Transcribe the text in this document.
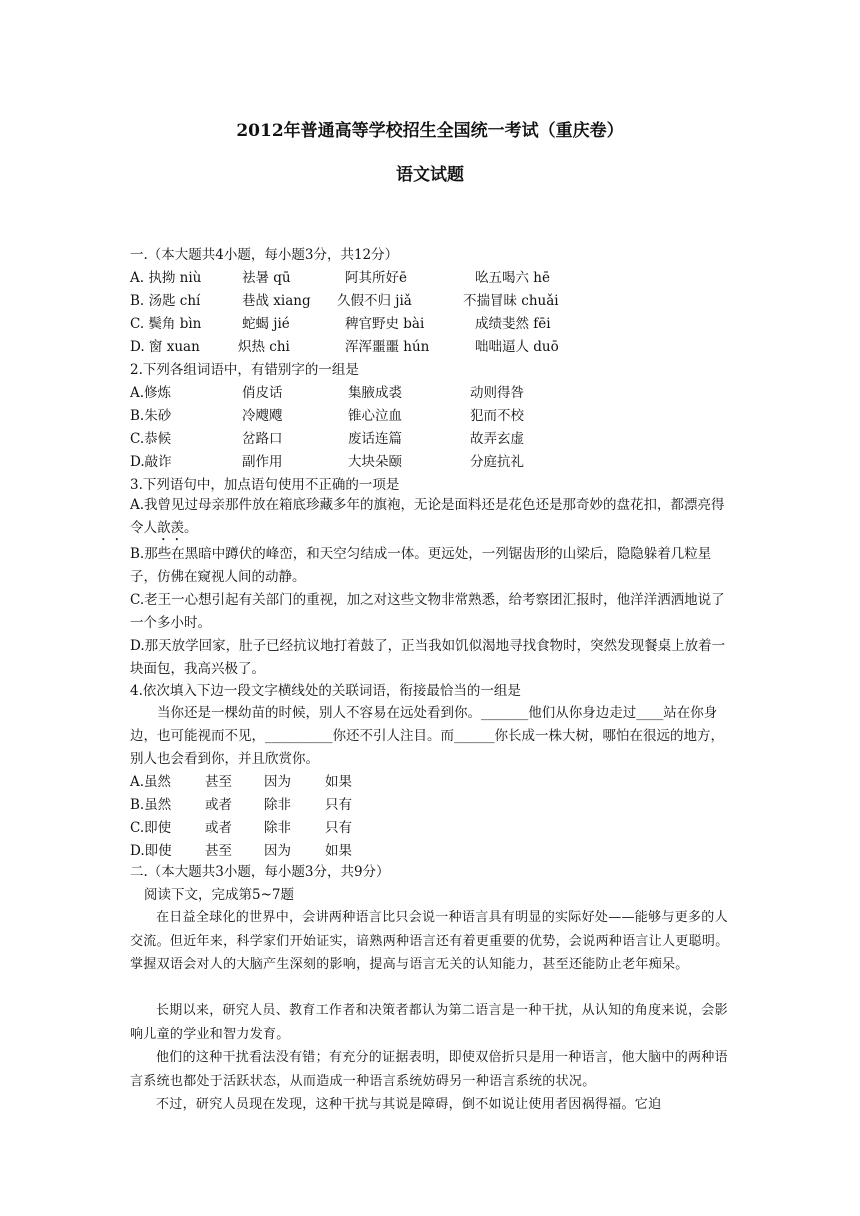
2012年普通高等学校招生全国统一考试（重庆卷）
语文试题
一.（本大题共4小题，每小题3分，共12分）
A. 执拗 niù	祛暑 qū	阿其所好ē	吆五喝六 hē
B. 汤匙 chí	巷战 xiang 久假不归 jiǎ	不揣冒昧 chuǎi
C. 鬓角 bìn	蛇蝎 jié	稗官野史 bài	成绩斐然 fēi
D. 窗 xuan	炽热 chi	浑浑噩噩 hún	咄咄逼人 duō
2.下列各组词语中，有错别字的一组是
A.修炼	俏皮话	集腋成裘	动则得咎
B.朱砂	冷飕飕	锥心泣血	犯而不校
C.恭候	岔路口	废话连篇	故弄玄虚
D.敲诈	副作用	大块朵颐	分庭抗礼
3.下列语句中，加点语句使用不正确的一项是
A.我曾见过母亲那件放在箱底珍藏多年的旗袍，无论是面料还是花色还是那奇妙的盘花扣，都漂亮得令人歆羡。
B.那些在黑暗中蹲伏的峰峦，和天空匀结成一体。更远处，一列锯齿形的山梁后，隐隐躲着几粒星子，仿佛在窥视人间的动静。
C.老王一心想引起有关部门的重视，加之对这些文物非常熟悉，给考察团汇报时，他洋洋洒洒地说了一个多小时。
D.那天放学回家，肚子已经抗议地打着鼓了，正当我如饥似渴地寻找食物时，突然发现餐桌上放着一块面包，我高兴极了。
4.依次填入下边一段文字横线处的关联词语，衔接最恰当的一组是
当你还是一棵幼苗的时候，别人不容易在远处看到你。_______他们从你身边走过____站在你身边，也可能视而不见，__________你还不引人注目。而______你长成一株大树，哪怕在很远的地方，别人也会看到你，并且欣赏你。
A.虽然	甚至 因为	如果
B.虽然	或者 除非	只有
C.即使	或者 除非	只有
D.即使 甚至 因为	如果
二.（本大题共3小题，每小题3分，共9分）
阅读下文，完成第5~7题
在日益全球化的世界中，会讲两种语言比只会说一种语言具有明显的实际好处——能够与更多的人交流。但近年来，科学家们开始证实，谙熟两种语言还有着更重要的优势，会说两种语言让人更聪明。掌握双语会对人的大脑产生深刻的影响，提高与语言无关的认知能力，甚至还能防止老年痴呆。
长期以来，研究人员、教育工作者和决策者都认为第二语言是一种干扰，从认知的角度来说，会影响儿童的学业和智力发育。
他们的这种干扰看法没有错；有充分的证据表明，即使双倍折只是用一种语言，他大脑中的两种语言系统也都处于活跃状态，从而造成一种语言系统妨碍另一种语言系统的状况。
不过，研究人员现在发现，这种干扰与其说是障碍，倒不如说让使用者因祸得福。它迫
